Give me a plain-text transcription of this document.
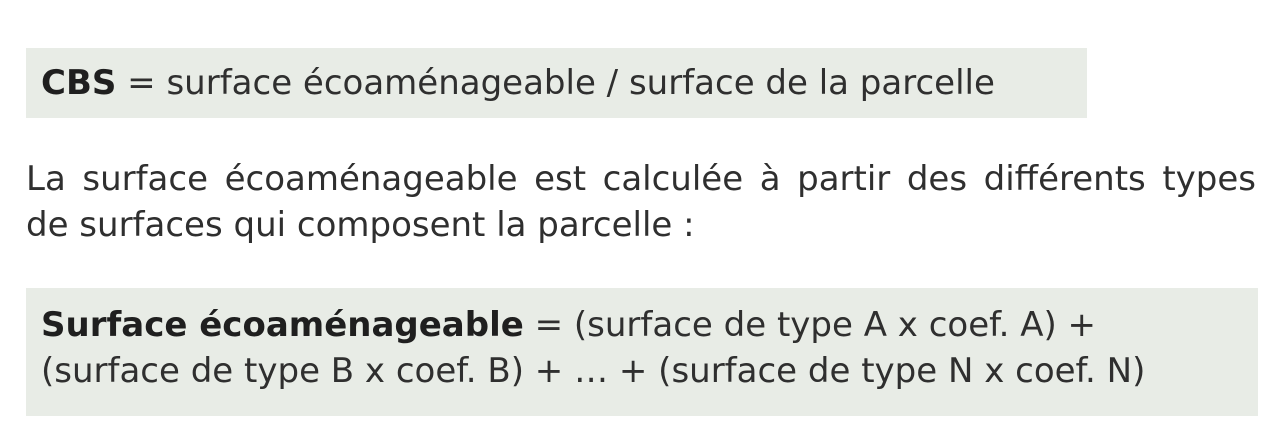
CBS = surface écoaménageable / surface de la parcelle
La surface écoaménageable est calculée à partir des différents types de surfaces qui composent la parcelle :
Surface écoaménageable = (surface de type A x coef. A) + (surface de type B x coef. B) + … + (surface de type N x coef. N)
